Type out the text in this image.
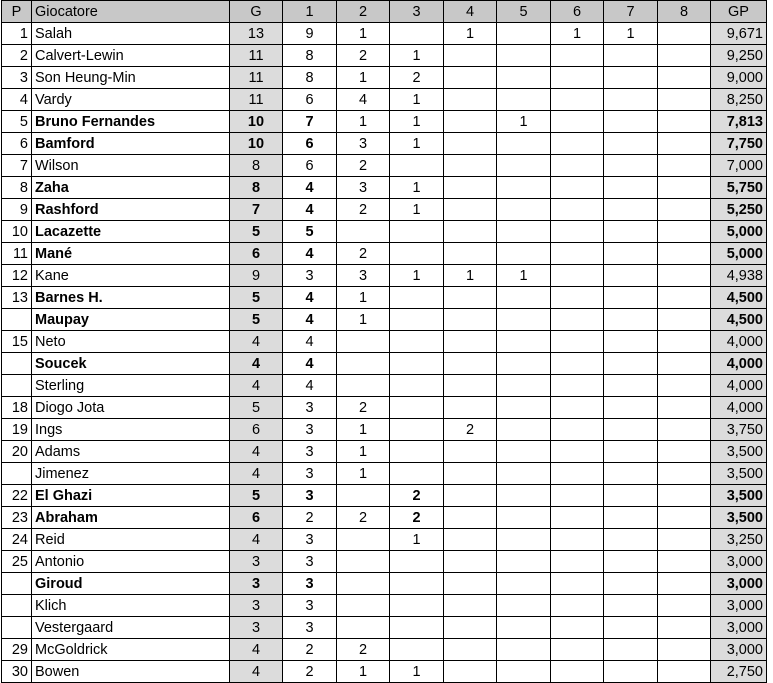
P	Giocatore	G	1	2	3	4	5	6	7	8	GP
1	Salah	13	9	1		1		1	1		9,671
2	Calvert-Lewin	11	8	2	1						9,250
3	Son Heung-Min	11	8	1	2						9,000
4	Vardy	11	6	4	1						8,250
5	Bruno Fernandes	10	7	1	1		1				7,813
6	Bamford	10	6	3	1						7,750
7	Wilson	8	6	2							7,000
8	Zaha	8	4	3	1						5,750
9	Rashford	7	4	2	1						5,250
10	Lacazette	5	5								5,000
11	Mané	6	4	2							5,000
12	Kane	9	3	3	1	1	1				4,938
13	Barnes H.	5	4	1							4,500
	Maupay	5	4	1							4,500
15	Neto	4	4								4,000
	Soucek	4	4								4,000
	Sterling	4	4								4,000
18	Diogo Jota	5	3	2							4,000
19	Ings	6	3	1		2					3,750
20	Adams	4	3	1							3,500
	Jimenez	4	3	1							3,500
22	El Ghazi	5	3		2						3,500
23	Abraham	6	2	2	2						3,500
24	Reid	4	3		1						3,250
25	Antonio	3	3								3,000
	Giroud	3	3								3,000
	Klich	3	3								3,000
	Vestergaard	3	3								3,000
29	McGoldrick	4	2	2							3,000
30	Bowen	4	2	1	1						2,750
